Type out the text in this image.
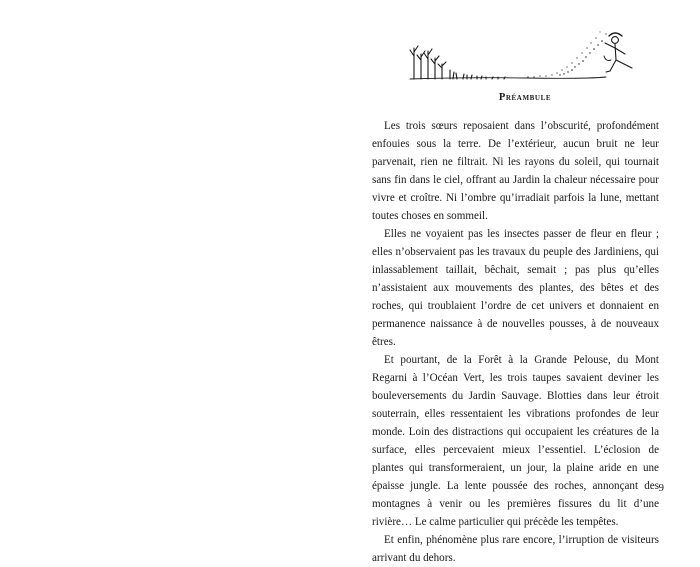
Préambule

Les trois sœurs reposaient dans l’obscurité, profondément enfouies sous la terre. De l’extérieur, aucun bruit ne leur parvenait, rien ne filtrait. Ni les rayons du soleil, qui tournait sans fin dans le ciel, offrant au Jardin la chaleur nécessaire pour vivre et croître. Ni l’ombre qu’irradiait parfois la lune, mettant toutes choses en sommeil.

Elles ne voyaient pas les insectes passer de fleur en fleur ; elles n’observaient pas les travaux du peuple des Jardiniens, qui inlassablement taillait, bêchait, semait ; pas plus qu’elles n’assistaient aux mouvements des plantes, des bêtes et des roches, qui troublaient l’ordre de cet univers et donnaient en permanence naissance à de nouvelles pousses, à de nouveaux êtres.

Et pourtant, de la Forêt à la Grande Pelouse, du Mont Regarni à l’Océan Vert, les trois taupes savaient deviner les bouleversements du Jardin Sauvage. Blotties dans leur étroit souterrain, elles ressentaient les vibrations profondes de leur monde. Loin des distractions qui occupaient les créatures de la surface, elles percevaient mieux l’essentiel. L’éclosion de plantes qui transformeraient, un jour, la plaine aride en une épaisse jungle. La lente poussée des roches, annonçant des montagnes à venir ou les premières fissures du lit d’une rivière… Le calme particulier qui précède les tempêtes.

Et enfin, phénomène plus rare encore, l’irruption de visiteurs arrivant du dehors.

9
